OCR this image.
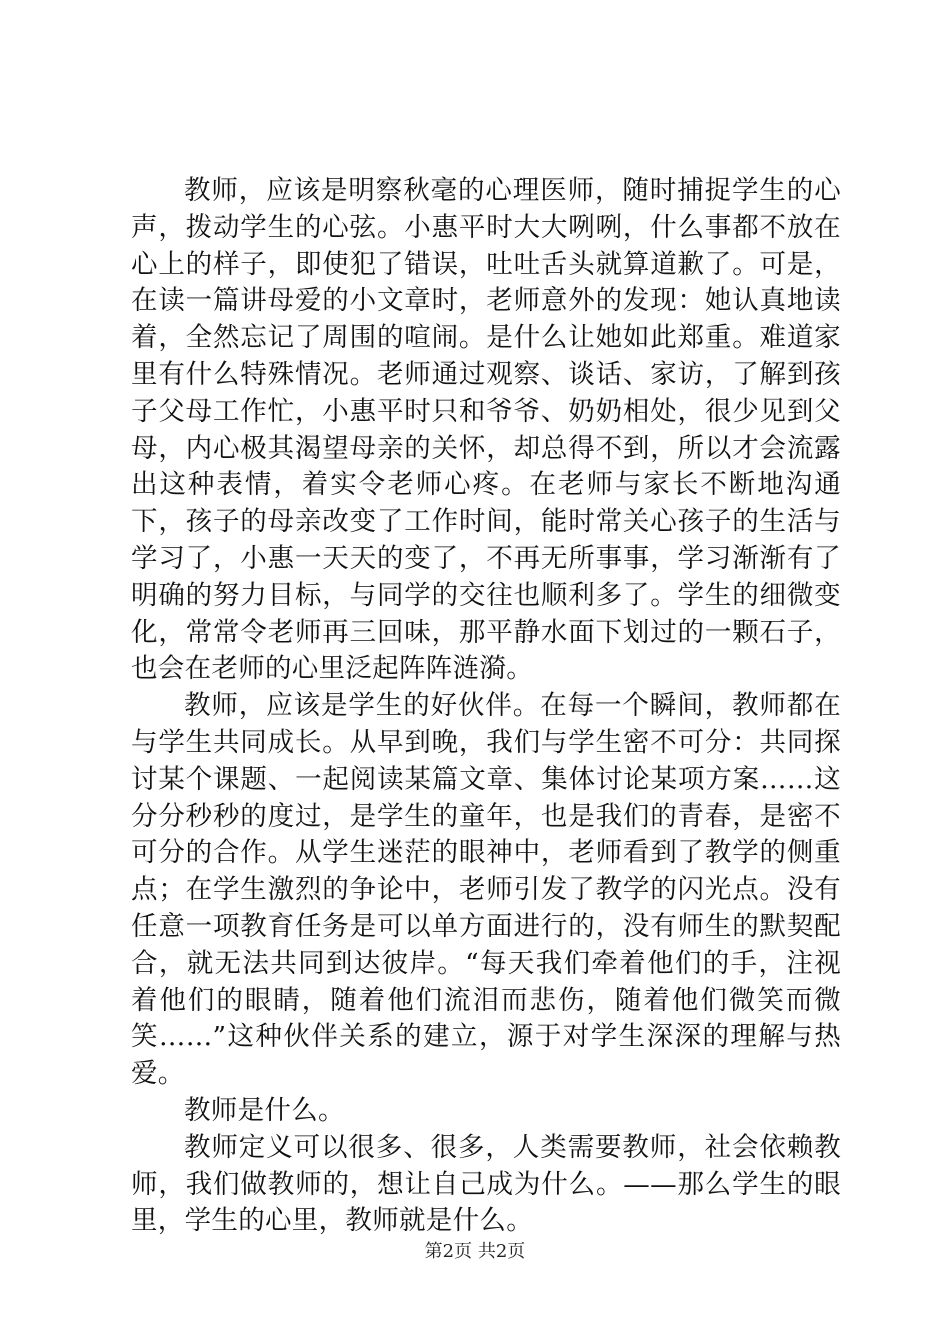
教师，应该是明察秋毫的心理医师，随时捕捉学生的心声，拨动学生的心弦。小惠平时大大咧咧，什么事都不放在心上的样子，即使犯了错误，吐吐舌头就算道歉了。可是，在读一篇讲母爱的小文章时，老师意外的发现：她认真地读着，全然忘记了周围的喧闹。是什么让她如此郑重。难道家里有什么特殊情况。老师通过观察、谈话、家访，了解到孩子父母工作忙，小惠平时只和爷爷、奶奶相处，很少见到父母，内心极其渴望母亲的关怀，却总得不到，所以才会流露出这种表情，着实令老师心疼。在老师与家长不断地沟通下，孩子的母亲改变了工作时间，能时常关心孩子的生活与学习了，小惠一天天的变了，不再无所事事，学习渐渐有了明确的努力目标，与同学的交往也顺利多了。学生的细微变化，常常令老师再三回味，那平静水面下划过的一颗石子，也会在老师的心里泛起阵阵涟漪。

教师，应该是学生的好伙伴。在每一个瞬间，教师都在与学生共同成长。从早到晚，我们与学生密不可分：共同探讨某个课题、一起阅读某篇文章、集体讨论某项方案……这分分秒秒的度过，是学生的童年，也是我们的青春，是密不可分的合作。从学生迷茫的眼神中，老师看到了教学的侧重点；在学生激烈的争论中，老师引发了教学的闪光点。没有任意一项教育任务是可以单方面进行的，没有师生的默契配合，就无法共同到达彼岸。“每天我们牵着他们的手，注视着他们的眼睛，随着他们流泪而悲伤，随着他们微笑而微笑……”这种伙伴关系的建立，源于对学生深深的理解与热爱。

教师是什么。

教师定义可以很多、很多，人类需要教师，社会依赖教师，我们做教师的，想让自己成为什么。——那么学生的眼里，学生的心里，教师就是什么。

第2页 共2页
